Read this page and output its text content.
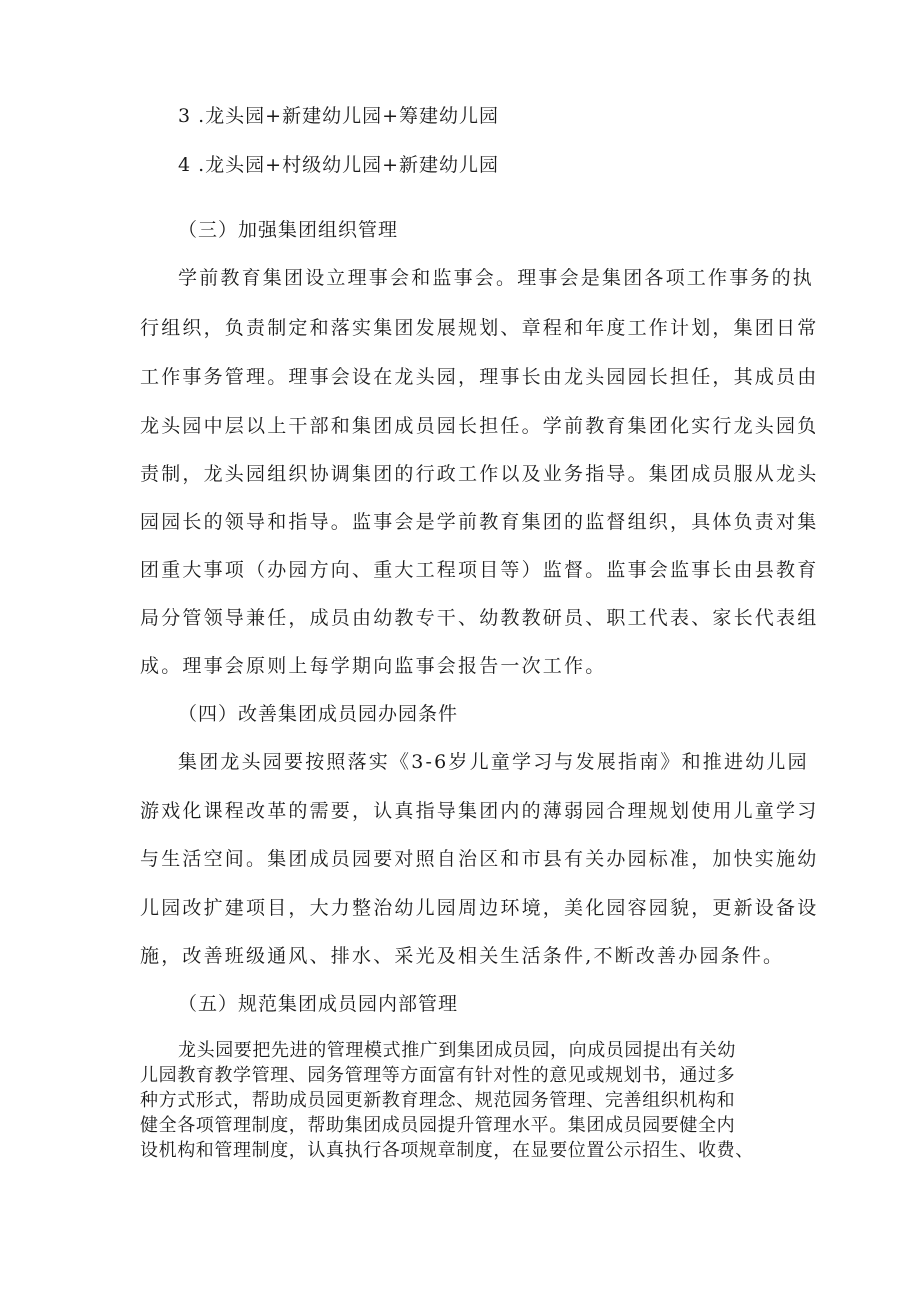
3 .龙头园+新建幼儿园+筹建幼儿园
4 .龙头园+村级幼儿园+新建幼儿园
（三）加强集团组织管理
学前教育集团设立理事会和监事会。理事会是集团各项工作事务的执
行组织，负责制定和落实集团发展规划、章程和年度工作计划，集团日常
工作事务管理。理事会设在龙头园，理事长由龙头园园长担任，其成员由
龙头园中层以上干部和集团成员园长担任。学前教育集团化实行龙头园负
责制，龙头园组织协调集团的行政工作以及业务指导。集团成员服从龙头
园园长的领导和指导。监事会是学前教育集团的监督组织，具体负责对集
团重大事项（办园方向、重大工程项目等）监督。监事会监事长由县教育
局分管领导兼任，成员由幼教专干、幼教教研员、职工代表、家长代表组
成。理事会原则上每学期向监事会报告一次工作。
（四）改善集团成员园办园条件
集团龙头园要按照落实《3-6岁儿童学习与发展指南》和推进幼儿园
游戏化课程改革的需要，认真指导集团内的薄弱园合理规划使用儿童学习
与生活空间。集团成员园要对照自治区和市县有关办园标准，加快实施幼
儿园改扩建项目，大力整治幼儿园周边环境，美化园容园貌，更新设备设
施，改善班级通风、排水、采光及相关生活条件,不断改善办园条件。
（五）规范集团成员园内部管理
龙头园要把先进的管理模式推广到集团成员园，向成员园提出有关幼
儿园教育教学管理、园务管理等方面富有针对性的意见或规划书，通过多
种方式形式，帮助成员园更新教育理念、规范园务管理、完善组织机构和
健全各项管理制度，帮助集团成员园提升管理水平。集团成员园要健全内
设机构和管理制度，认真执行各项规章制度，在显要位置公示招生、收费、
